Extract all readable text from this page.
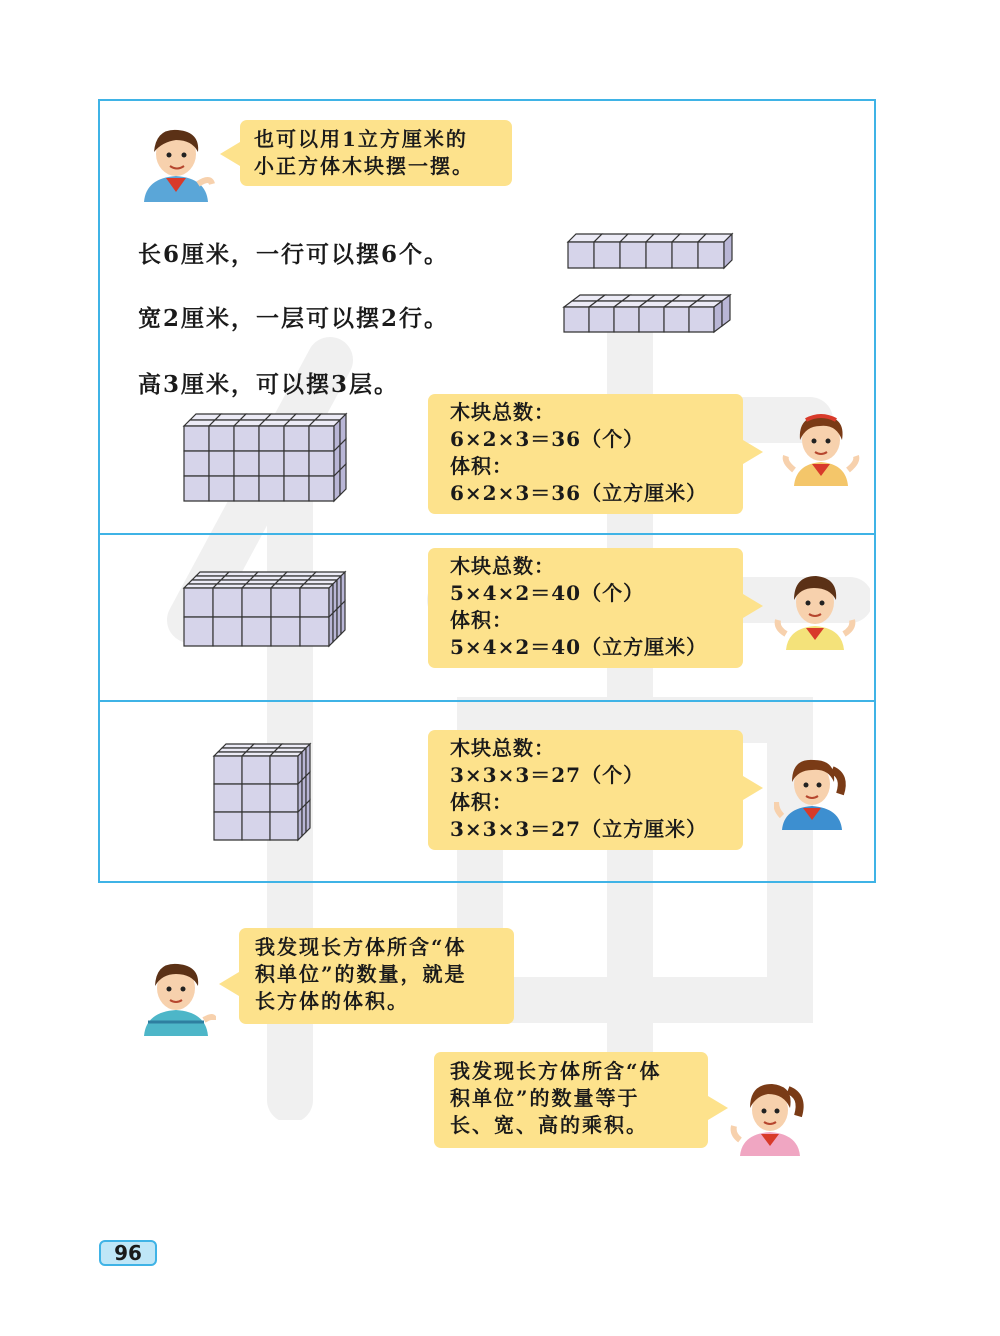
也可以用1立方厘米的
小正方体木块摆一摆。
长6厘米，一行可以摆6个。
宽2厘米，一层可以摆2行。
高3厘米，可以摆3层。
木块总数：
6×2×3＝36（个）
体积：
6×2×3＝36（立方厘米）
木块总数：
5×4×2＝40（个）
体积：
5×4×2＝40（立方厘米）
木块总数：
3×3×3＝27（个）
体积：
3×3×3＝27（立方厘米）
我发现长方体所含“体
积单位”的数量，就是
长方体的体积。
我发现长方体所含“体
积单位”的数量等于
长、宽、高的乘积。
96
